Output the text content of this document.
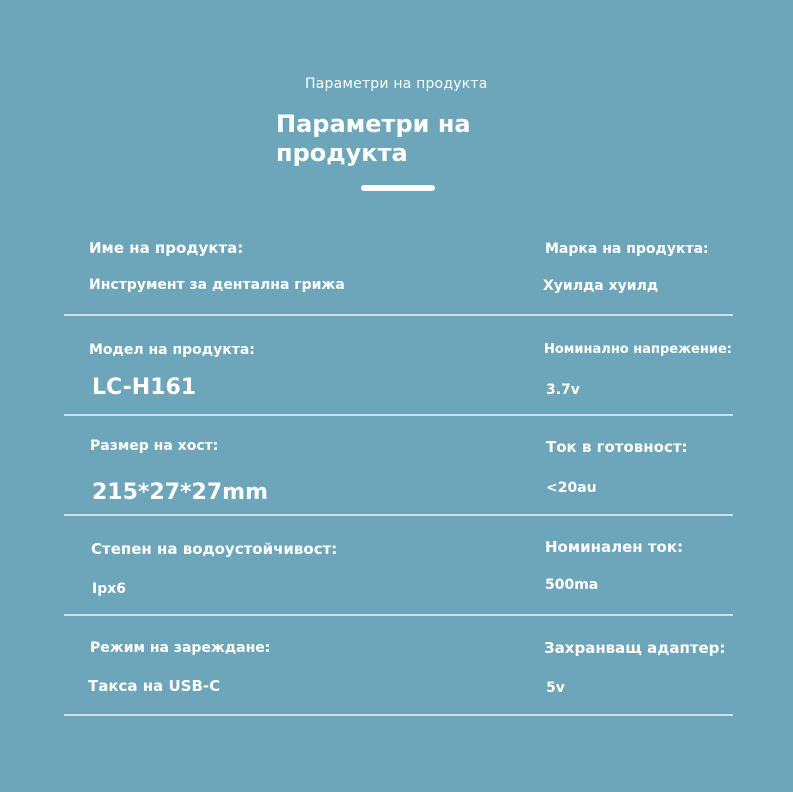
Параметри на продукта
Параметри на продукта
Име на продукта:
Инструмент за дентална грижа
Марка на продукта:
Хуилда хуилд
Модел на продукта:
LC-H161
Номинално напрежение:
3.7v
Размер на хост:
215*27*27mm
Ток в готовност:
<20au
Степен на водоустойчивост:
Ipx6
Номинален ток:
500ma
Режим на зареждане:
Такса на USB-C
Захранващ адаптер:
5v
